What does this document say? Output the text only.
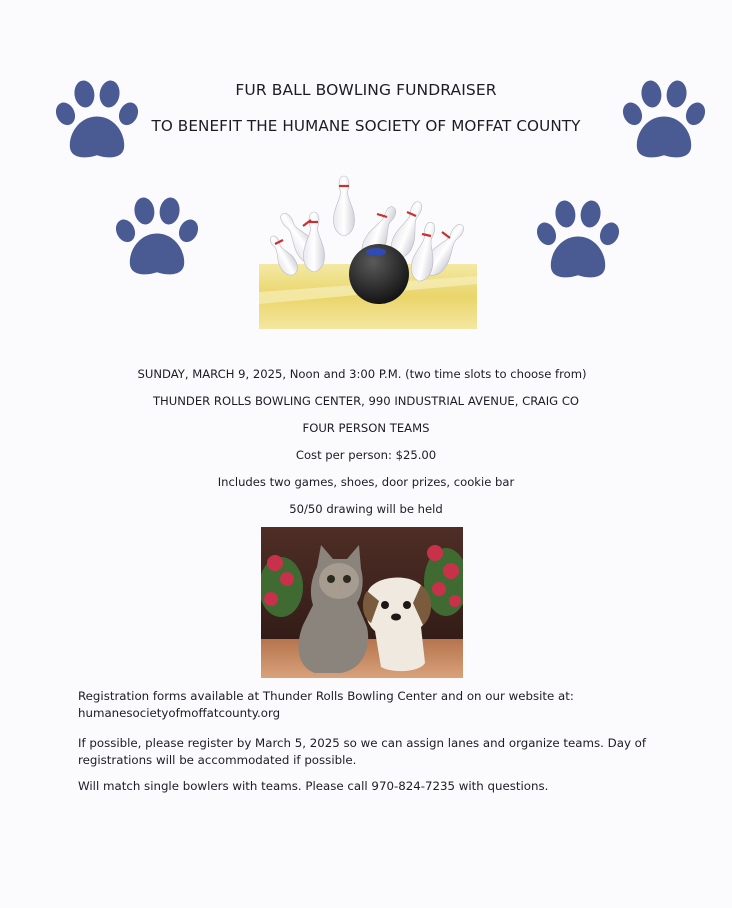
FUR BALL BOWLING FUNDRAISER
TO BENEFIT THE HUMANE SOCIETY OF MOFFAT COUNTY
SUNDAY, MARCH 9, 2025, Noon and 3:00 P.M. (two time slots to choose from)
THUNDER ROLLS BOWLING CENTER, 990 INDUSTRIAL AVENUE, CRAIG CO
FOUR PERSON TEAMS
Cost per person: $25.00
Includes two games, shoes, door prizes, cookie bar
50/50 drawing will be held
Registration forms available at Thunder Rolls Bowling Center and on our website at:
humanesocietyofmoffatcounty.org
If possible, please register by March 5, 2025 so we can assign lanes and organize teams. Day of
registrations will be accommodated if possible.
Will match single bowlers with teams. Please call 970-824-7235 with questions.
